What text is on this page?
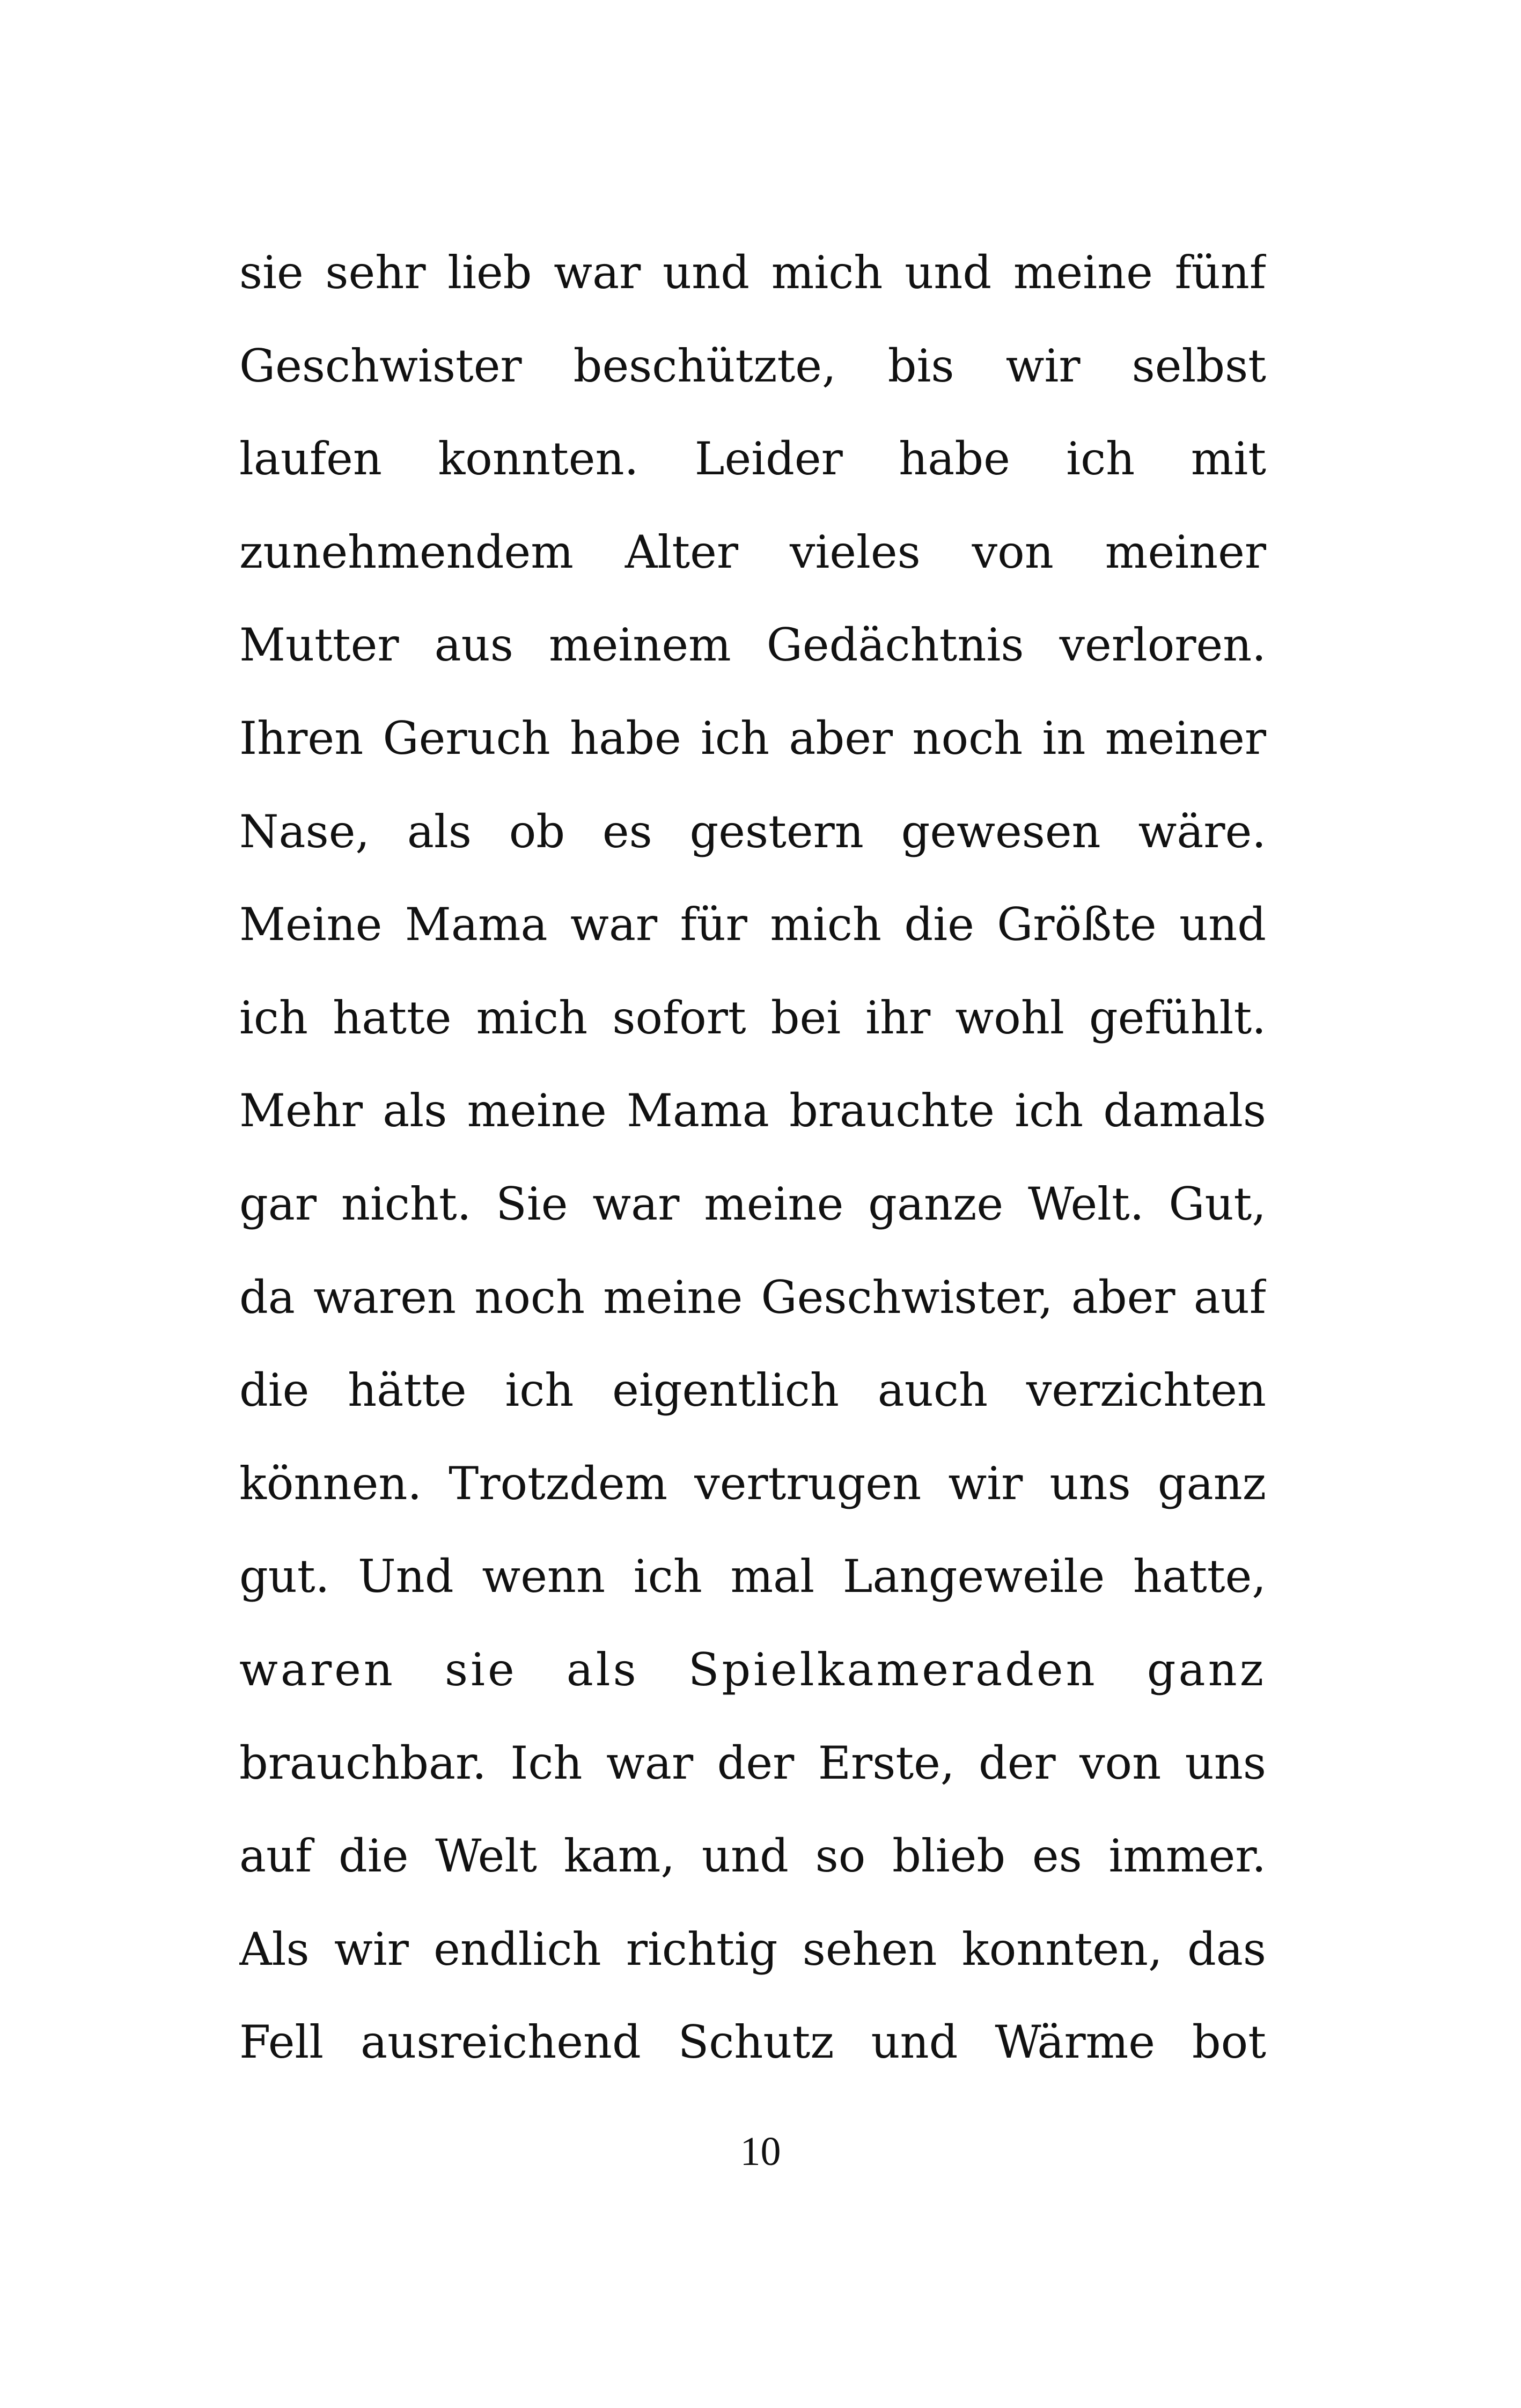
sie sehr lieb war und mich und meine fünf
Geschwister beschützte, bis wir selbst
laufen konnten. Leider habe ich mit
zunehmendem Alter vieles von meiner
Mutter aus meinem Gedächtnis verloren.
Ihren Geruch habe ich aber noch in meiner
Nase, als ob es gestern gewesen wäre.
Meine Mama war für mich die Größte und
ich hatte mich sofort bei ihr wohl gefühlt.
Mehr als meine Mama brauchte ich damals
gar nicht. Sie war meine ganze Welt. Gut,
da waren noch meine Geschwister, aber auf
die hätte ich eigentlich auch verzichten
können. Trotzdem vertrugen wir uns ganz
gut. Und wenn ich mal Langeweile hatte,
waren sie als Spielkameraden ganz
brauchbar. Ich war der Erste, der von uns
auf die Welt kam, und so blieb es immer.
Als wir endlich richtig sehen konnten, das
Fell ausreichend Schutz und Wärme bot

10
